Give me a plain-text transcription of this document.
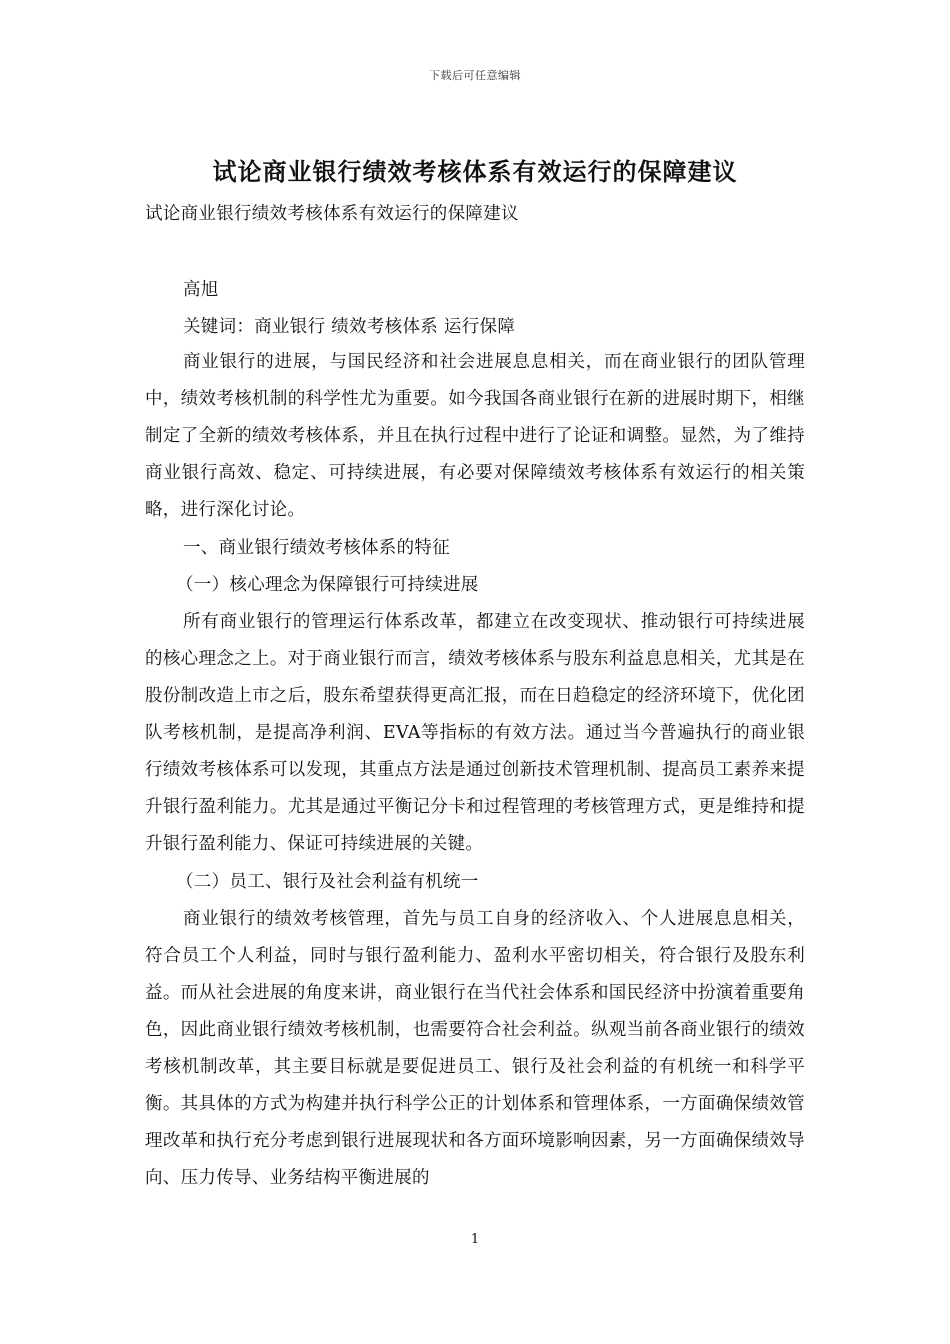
下载后可任意编辑
试论商业银行绩效考核体系有效运行的保障建议

试论商业银行绩效考核体系有效运行的保障建议

高旭

关键词：商业银行 绩效考核体系 运行保障

商业银行的进展，与国民经济和社会进展息息相关，而在商业银行的团队管理中，绩效考核机制的科学性尤为重要。如今我国各商业银行在新的进展时期下，相继制定了全新的绩效考核体系，并且在执行过程中进行了论证和调整。显然，为了维持商业银行高效、稳定、可持续进展，有必要对保障绩效考核体系有效运行的相关策略，进行深化讨论。

一、商业银行绩效考核体系的特征

（一）核心理念为保障银行可持续进展

所有商业银行的管理运行体系改革，都建立在改变现状、推动银行可持续进展的核心理念之上。对于商业银行而言，绩效考核体系与股东利益息息相关，尤其是在股份制改造上市之后，股东希望获得更高汇报，而在日趋稳定的经济环境下，优化团队考核机制，是提高净利润、EVA等指标的有效方法。通过当今普遍执行的商业银行绩效考核体系可以发现，其重点方法是通过创新技术管理机制、提高员工素养来提升银行盈利能力。尤其是通过平衡记分卡和过程管理的考核管理方式，更是维持和提升银行盈利能力、保证可持续进展的关键。

（二）员工、银行及社会利益有机统一

商业银行的绩效考核管理，首先与员工自身的经济收入、个人进展息息相关，符合员工个人利益，同时与银行盈利能力、盈利水平密切相关，符合银行及股东利益。而从社会进展的角度来讲，商业银行在当代社会体系和国民经济中扮演着重要角色，因此商业银行绩效考核机制，也需要符合社会利益。纵观当前各商业银行的绩效考核机制改革，其主要目标就是要促进员工、银行及社会利益的有机统一和科学平衡。其具体的方式为构建并执行科学公正的计划体系和管理体系，一方面确保绩效管理改革和执行充分考虑到银行进展现状和各方面环境影响因素，另一方面确保绩效导向、压力传导、业务结构平衡进展的

1
